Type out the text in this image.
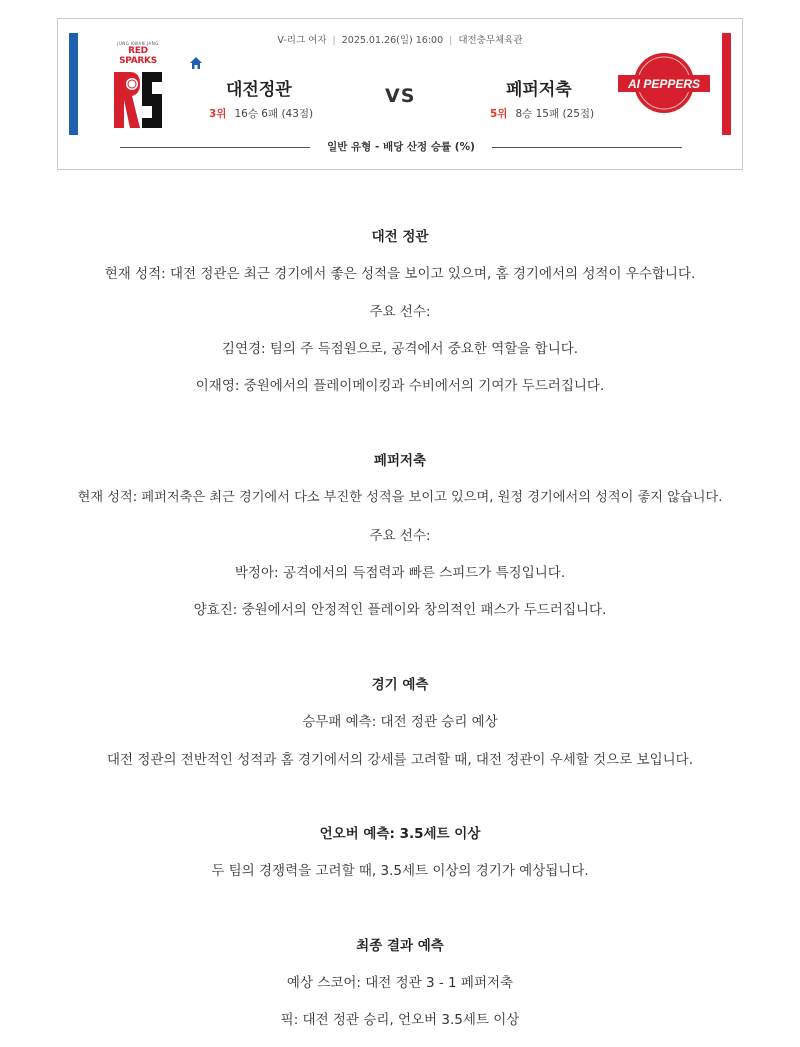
V-리그 여자 | 2025.01.26(일) 16:00 | 대전충무체육관
JUNG KWAN JANG
RED SPARKS
대전정관
3위 16승 6패 (43점)
VS	페퍼저축
5위 8승 15패 (25점)
AI PEPPERS
일반 유형 - 배당 산정 승률 (%)
대전 정관
현재 성적: 대전 정관은 최근 경기에서 좋은 성적을 보이고 있으며, 홈 경기에서의 성적이 우수합니다.
주요 선수:
김연경: 팀의 주 득점원으로, 공격에서 중요한 역할을 합니다.
이재영: 중원에서의 플레이메이킹과 수비에서의 기여가 두드러집니다.
페퍼저축
현재 성적: 페퍼저축은 최근 경기에서 다소 부진한 성적을 보이고 있으며, 원정 경기에서의 성적이 좋지 않습니다.
주요 선수:
박정아: 공격에서의 득점력과 빠른 스피드가 특징입니다.
양효진: 중원에서의 안정적인 플레이와 창의적인 패스가 두드러집니다.
경기 예측
승무패 예측: 대전 정관 승리 예상
대전 정관의 전반적인 성적과 홈 경기에서의 강세를 고려할 때, 대전 정관이 우세할 것으로 보입니다.
언오버 예측: 3.5세트 이상
두 팀의 경쟁력을 고려할 때, 3.5세트 이상의 경기가 예상됩니다.
최종 결과 예측
예상 스코어: 대전 정관 3 - 1 페퍼저축
픽: 대전 정관 승리, 언오버 3.5세트 이상
